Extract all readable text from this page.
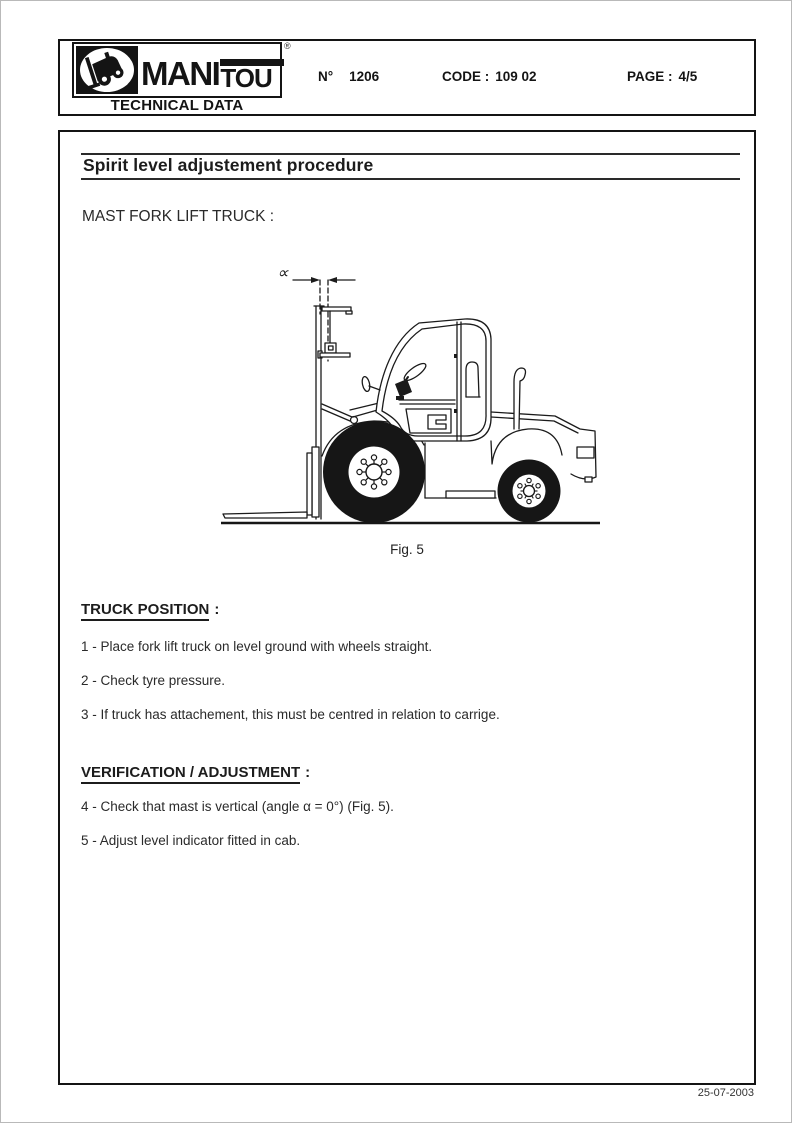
MANI TOU
®
TECHNICAL DATA
N° 1206	CODE : 109 02	PAGE : 4/5
Spirit level adjustement procedure
MAST FORK LIFT TRUCK :
∝
Fig. 5
TRUCK POSITION :
1 - Place fork lift truck on level ground with wheels straight.
2 - Check tyre pressure.
3 - If truck has attachement, this must be centred in relation to carrige.
VERIFICATION / ADJUSTMENT :
4 - Check that mast is vertical (angle α = 0°) (Fig. 5).
5 - Adjust level indicator fitted in cab.
25-07-2003
